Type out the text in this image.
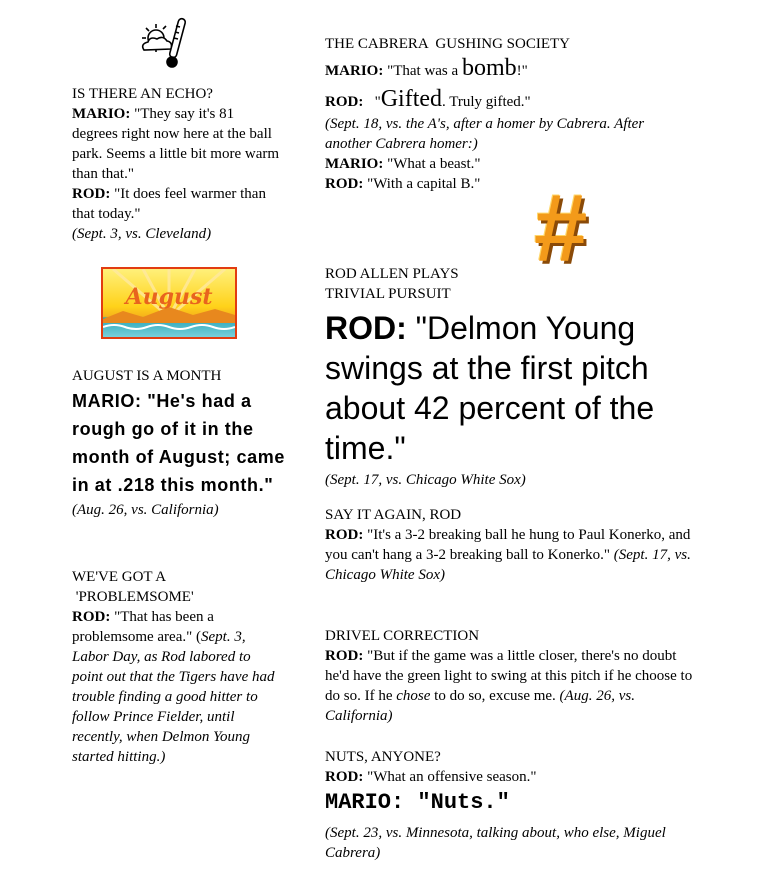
IS THERE AN ECHO?

MARIO: "They say it's 81 degrees right now here at the ball park. Seems a little bit more warm than that."

ROD: "It does feel warmer than that today."

(Sept. 3, vs. Cleveland)

August

AUGUST IS A MONTH

MARIO: "He's had a rough go of it in the month of August; came in at .218 this month."

(Aug. 26, vs. California)

WE'VE GOT A

'PROBLEMSOME'

ROD: "That has been a problemsome area." (Sept. 3, Labor Day, as Rod labored to point out that the Tigers have had trouble finding a good hitter to follow Prince Fielder, until recently, when Delmon Young started hitting.)

THE CABRERA  GUSHING SOCIETY

MARIO: "That was a bomb!"

ROD:   "Gifted. Truly gifted."

(Sept. 18, vs. the A's, after a homer by Cabrera. After another Cabrera homer:)

MARIO: "What a beast."

ROD: "With a capital B." #

ROD ALLEN PLAYS

TRIVIAL PURSUIT

ROD: "Delmon Young swings at the first pitch about 42 percent of the time."

(Sept. 17, vs. Chicago White Sox)

SAY IT AGAIN, ROD

ROD: "It's a 3-2 breaking ball he hung to Paul Konerko, and you can't hang a 3-2 breaking ball to Konerko." (Sept. 17, vs. Chicago White Sox)

DRIVEL CORRECTION

ROD: "But if the game was a little closer, there's no doubt he'd have the green light to swing at this pitch if he choose to do so. If he chose to do so, excuse me. (Aug. 26, vs. California)

NUTS, ANYONE?

ROD: "What an offensive season."

MARIO: "Nuts."

(Sept. 23, vs. Minnesota, talking about, who else, Miguel Cabrera)
